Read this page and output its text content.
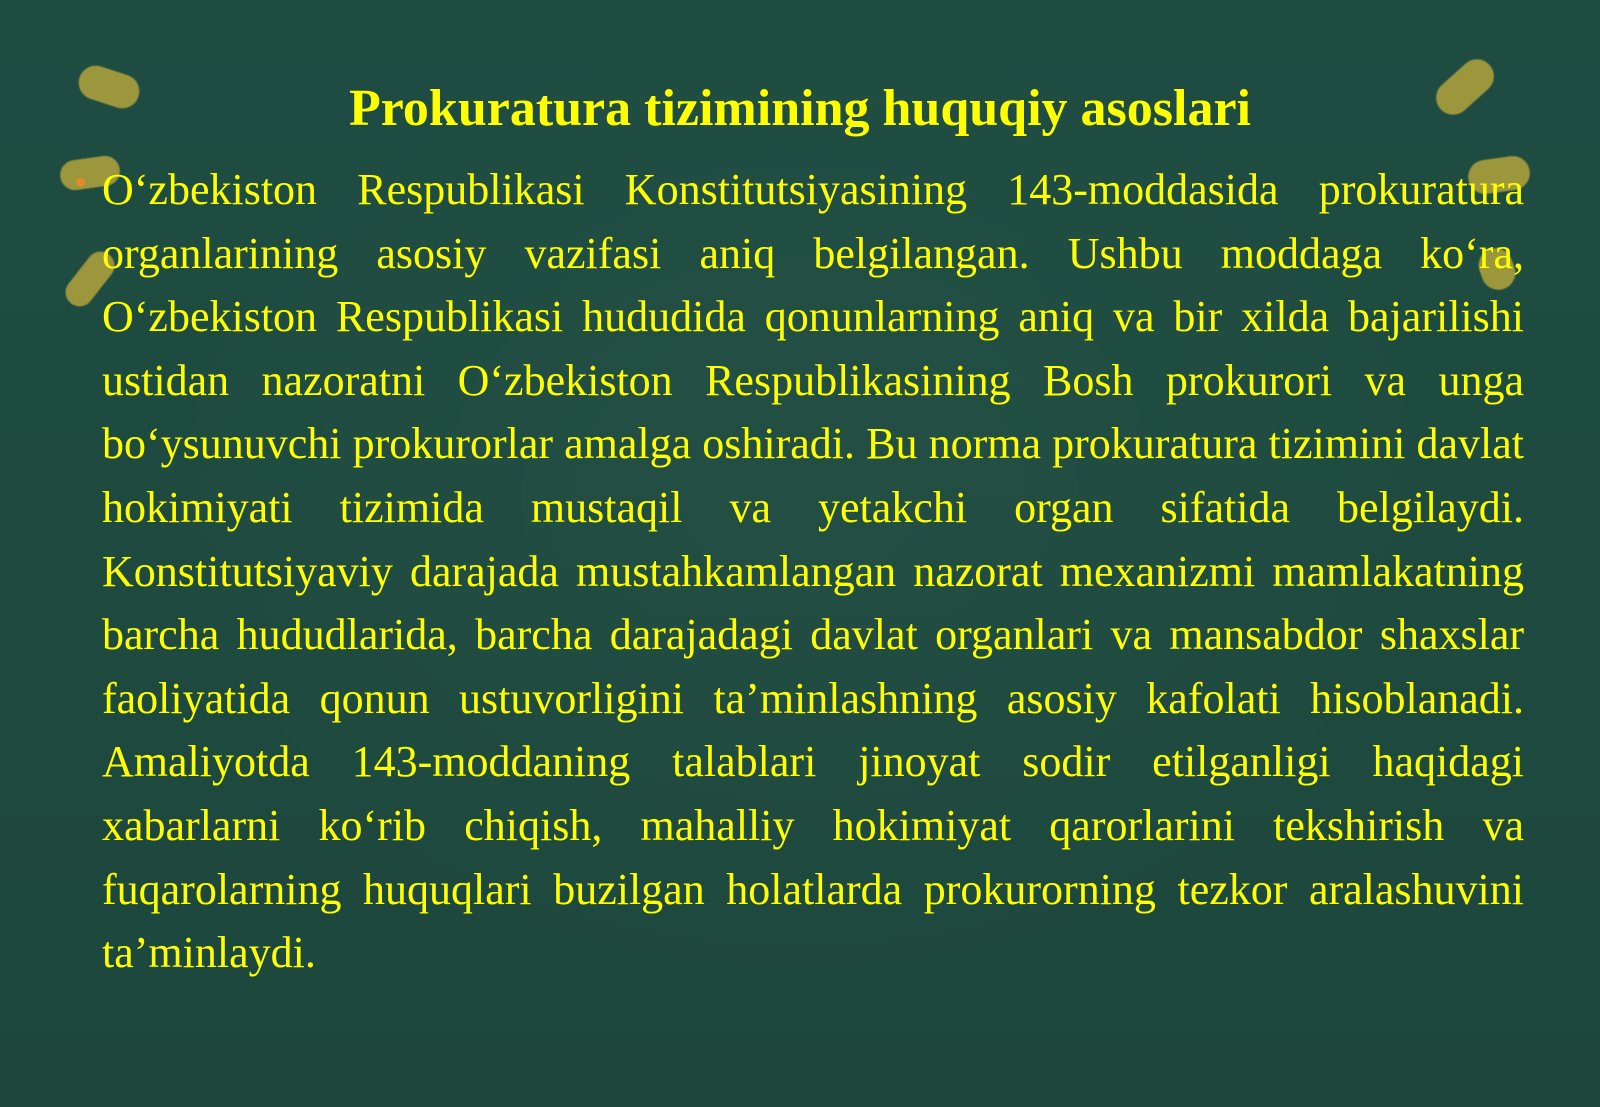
Prokuratura tizimining huquqiy asoslari

O‘zbekiston Respublikasi Konstitutsiyasining 143-moddasida prokuratura organlarining asosiy vazifasi aniq belgilangan. Ushbu moddaga ko‘ra, O‘zbekiston Respublikasi hududida qonunlarning aniq va bir xilda bajarilishi ustidan nazoratni O‘zbekiston Respublikasining Bosh prokurori va unga bo‘ysunuvchi prokurorlar amalga oshiradi. Bu norma prokuratura tizimini davlat hokimiyati tizimida mustaqil va yetakchi organ sifatida belgilaydi. Konstitutsiyaviy darajada mustahkamlangan nazorat mexanizmi mamlakatning barcha hududlarida, barcha darajadagi davlat organlari va mansabdor shaxslar faoliyatida qonun ustuvorligini ta’minlashning asosiy kafolati hisoblanadi. Amaliyotda 143-moddaning talablari jinoyat sodir etilganligi haqidagi xabarlarni ko‘rib chiqish, mahalliy hokimiyat qarorlarini tekshirish va fuqarolarning huquqlari buzilgan holatlarda prokurorning tezkor aralashuvini ta’minlaydi.
